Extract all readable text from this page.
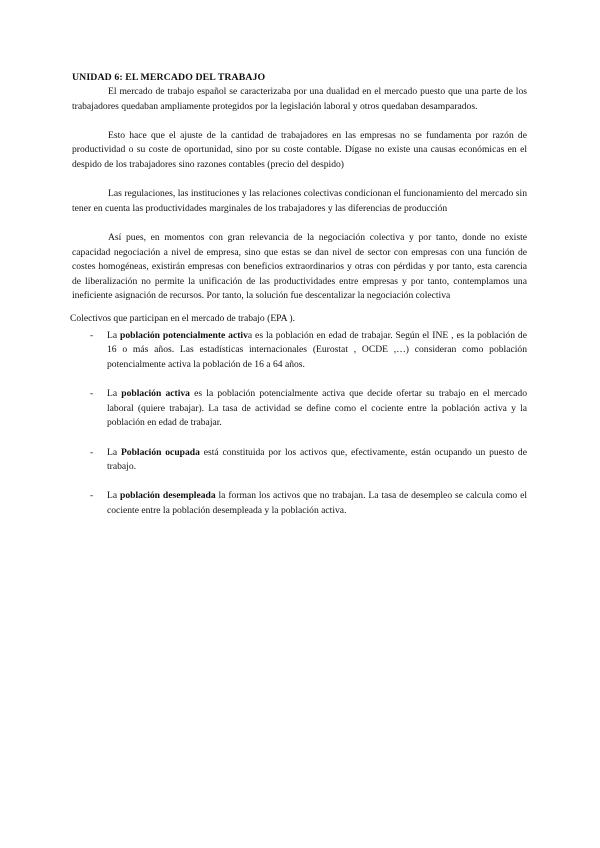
UNIDAD 6: EL MERCADO DEL TRABAJO

El mercado de trabajo español se caracterizaba por una dualidad en el mercado puesto que una parte de los trabajadores quedaban ampliamente protegidos por la legislación laboral y otros quedaban desamparados.

Esto hace que el ajuste de la cantidad de trabajadores en las empresas no se fundamenta por razón de productividad o su coste de oportunidad, sino por su coste contable. Dígase no existe una causas económicas en el despido de los trabajadores sino razones contables (precio del despido)

Las regulaciones, las instituciones y las relaciones colectivas condicionan el funcionamiento del mercado sin tener en cuenta las productividades marginales de los trabajadores y las diferencias de producción

Así pues, en momentos con gran relevancia de la negociación colectiva y por tanto, donde no existe capacidad negociación a nivel de empresa, sino que estas se dan nivel de sector con empresas con una función de costes homogéneas, existirán empresas con beneficios extraordinarios y otras con pérdidas y por tanto, esta carencia de liberalización no permite la unificación de las productividades entre empresas y por tanto, contemplamos una ineficiente asignación de recursos. Por tanto, la solución fue descentalizar la negociación colectiva

Colectivos que participan en el mercado de trabajo (EPA ).

- La población potencialmente activa es la población en edad de trabajar. Según el INE , es la población de 16 o más años. Las estadísticas internacionales (Eurostat , OCDE ,…) consideran como población potencialmente activa la población de 16 a 64 años.
- La población activa es la población potencialmente activa que decide ofertar su trabajo en el mercado laboral (quiere trabajar). La tasa de actividad se define como el cociente entre la población activa y la población en edad de trabajar.
- La Población ocupada está constituida por los activos que, efectivamente, están ocupando un puesto de trabajo.
- La población desempleada la forman los activos que no trabajan. La tasa de desempleo se calcula como el cociente entre la población desempleada y la población activa.
